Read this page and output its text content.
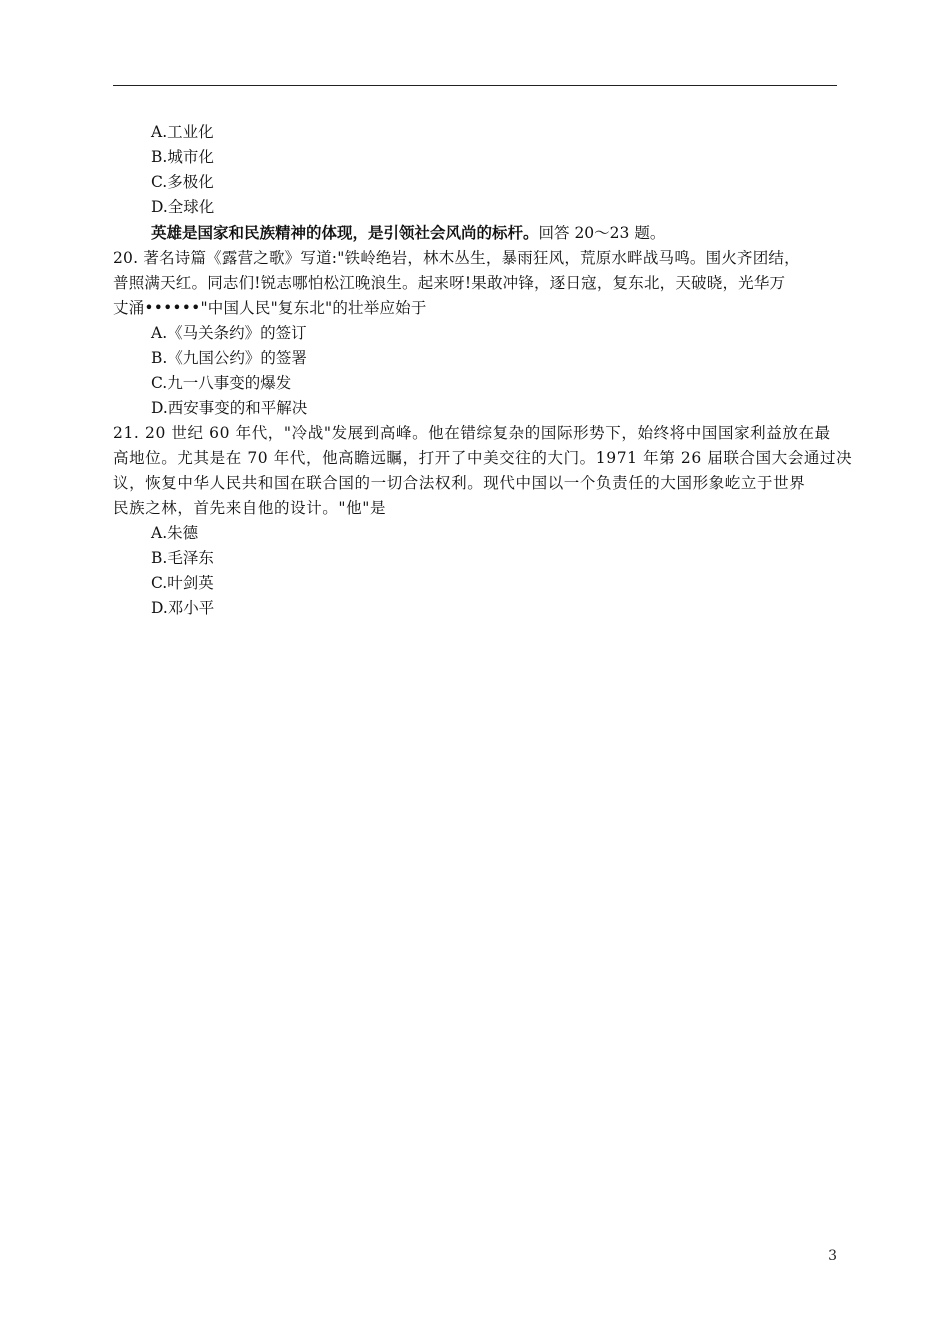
A.工业化
B.城市化
C.多极化
D.全球化
英雄是国家和民族精神的体现，是引领社会风尚的标杆。回答 20～23 题。
20. 著名诗篇《露营之歌》写道:"铁岭绝岩，林木丛生，暴雨狂风，荒原水畔战马鸣。围火齐团结，
普照满天红。同志们!锐志哪怕松江晚浪生。起来呀!果敢冲锋，逐日寇，复东北，天破晓，光华万
丈涌••••••"中国人民"复东北"的壮举应始于
A.《马关条约》的签订
B.《九国公约》的签署
C.九一八事变的爆发
D.西安事变的和平解决
21. 20 世纪 60 年代，"冷战"发展到高峰。他在错综复杂的国际形势下，始终将中国国家利益放在最
高地位。尤其是在 70 年代，他高瞻远瞩，打开了中美交往的大门。1971 年第 26 届联合国大会通过决
议，恢复中华人民共和国在联合国的一切合法权利。现代中国以一个负责任的大国形象屹立于世界
民族之林，首先来自他的设计。"他"是
A.朱德
B.毛泽东
C.叶剑英
D.邓小平
3
